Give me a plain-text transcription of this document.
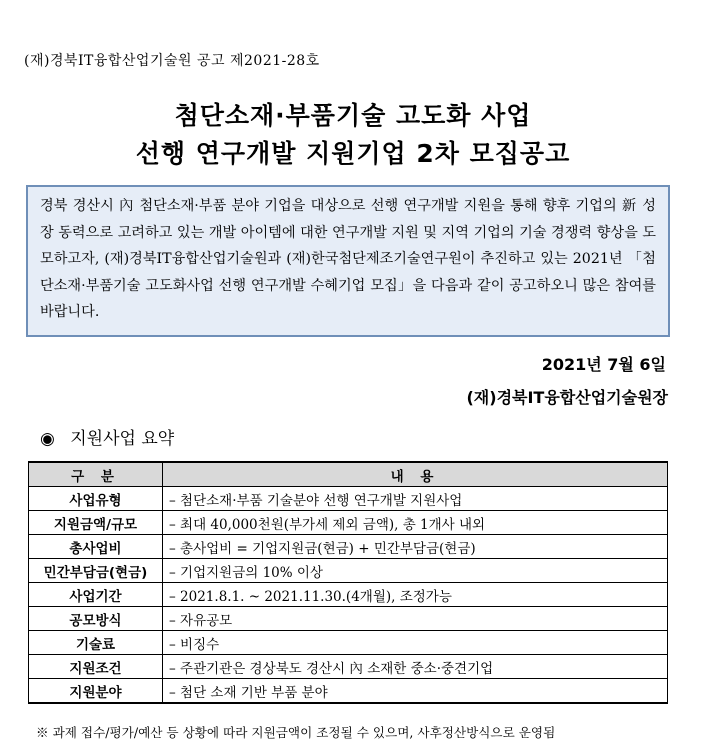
(재)경북IT융합산업기술원 공고 제2021-28호
첨단소재·부품기술 고도화 사업
선행 연구개발 지원기업 2차 모집공고

경북 경산시 內 첨단소재·부품 분야 기업을 대상으로 선행 연구개발 지원을 통해 향후 기업의 新 성장 동력으로 고려하고 있는 개발 아이템에 대한 연구개발 지원 및 지역 기업의 기술 경쟁력 향상을 도모하고자, (재)경북IT융합산업기술원과 (재)한국첨단제조기술연구원이 추진하고 있는 2021년 「첨단소재·부품기술 고도화사업 선행 연구개발 수혜기업 모집」을 다음과 같이 공고하오니 많은 참여를 바랍니다.

2021년 7월 6일
(재)경북IT융합산업기술원장
◉ 지원사업 요약
구 분	내 용
사업유형	– 첨단소재·부품 기술분야 선행 연구개발 지원사업
지원금액/규모	– 최대 40,000천원(부가세 제외 금액), 총 1개사 내외
총사업비	– 총사업비 = 기업지원금(현금) + 민간부담금(현금)
민간부담금(현금)	– 기업지원금의 10% 이상
사업기간	– 2021.8.1. ~ 2021.11.30.(4개월), 조정가능
공모방식	– 자유공모
기술료	– 비징수
지원조건	– 주관기관은 경상북도 경산시 內 소재한 중소·중견기업
지원분야	– 첨단 소재 기반 부품 분야
※ 과제 접수/평가/예산 등 상황에 따라 지원금액이 조정될 수 있으며, 사후정산방식으로 운영됨
